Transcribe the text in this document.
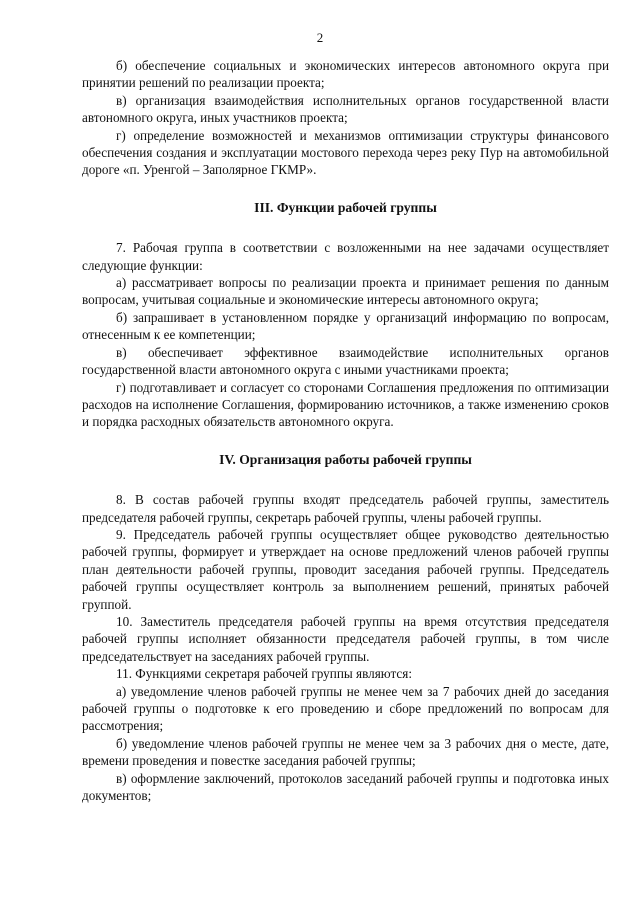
2

б) обеспечение социальных и экономических интересов автономного округа при принятии решений по реализации проекта;

в) организация взаимодействия исполнительных органов государственной власти автономного округа, иных участников проекта;

г) определение возможностей и механизмов оптимизации структуры финансового обеспечения создания и эксплуатации мостового перехода через реку Пур на автомобильной дороге «п. Уренгой – Заполярное ГКМР».

III. Функции рабочей группы

7. Рабочая группа в соответствии с возложенными на нее задачами осуществляет следующие функции:

а) рассматривает вопросы по реализации проекта и принимает решения по данным вопросам, учитывая социальные и экономические интересы автономного округа;

б) запрашивает в установленном порядке у организаций информацию по вопросам, отнесенным к ее компетенции;

в) обеспечивает эффективное взаимодействие исполнительных органов государственной власти автономного округа с иными участниками проекта;

г) подготавливает и согласует со сторонами Соглашения предложения по оптимизации расходов на исполнение Соглашения, формированию источников, а также изменению сроков и порядка расходных обязательств автономного округа.

IV. Организация работы рабочей группы

8. В состав рабочей группы входят председатель рабочей группы, заместитель председателя рабочей группы, секретарь рабочей группы, члены рабочей группы.

9. Председатель рабочей группы осуществляет общее руководство деятельностью рабочей группы, формирует и утверждает на основе предложений членов рабочей группы план деятельности рабочей группы, проводит заседания рабочей группы. Председатель рабочей группы осуществляет контроль за выполнением решений, принятых рабочей группой.

10. Заместитель председателя рабочей группы на время отсутствия председателя рабочей группы исполняет обязанности председателя рабочей группы, в том числе председательствует на заседаниях рабочей группы.

11. Функциями секретаря рабочей группы являются:

а) уведомление членов рабочей группы не менее чем за 7 рабочих дней до заседания рабочей группы о подготовке к его проведению и сборе предложений по вопросам для рассмотрения;

б) уведомление членов рабочей группы не менее чем за 3 рабочих дня о месте, дате, времени проведения и повестке заседания рабочей группы;

в) оформление заключений, протоколов заседаний рабочей группы и подготовка иных документов;
